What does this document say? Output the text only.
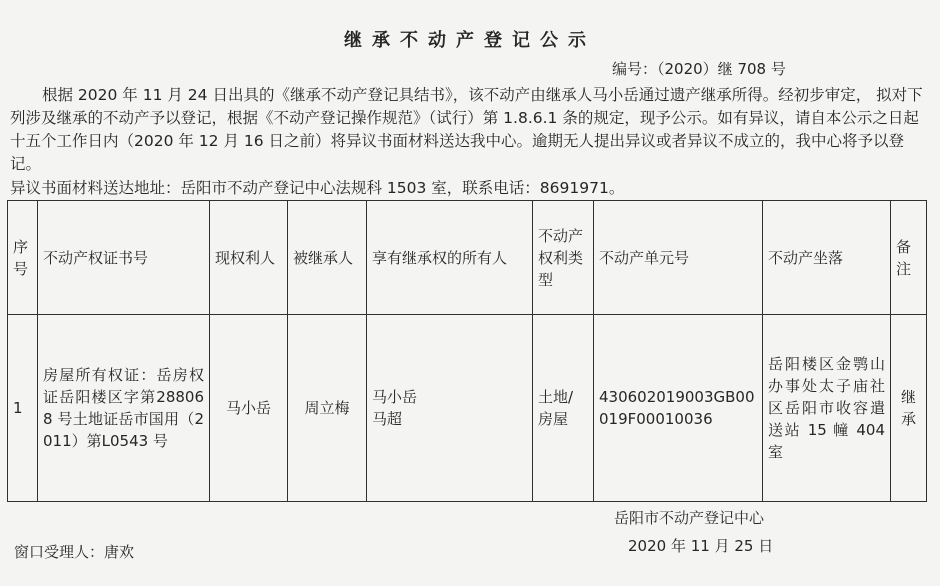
继承不动产登记公示
编号：（2020）继 708 号
根据 2020 年 11 月 24 日出具的《继承不动产登记具结书》，该不动产由继承人马小岳通过遗产继承所得。经初步审定， 拟对下列涉及继承的不动产予以登记，根据《不动产登记操作规范》（试行）第 1.8.6.1 条的规定，现予公示。如有异议，请自本公示之日起十五个工作日内（2020 年 12 月 16 日之前）将异议书面材料送达我中心。逾期无人提出异议或者异议不成立的，我中心将予以登记。
异议书面材料送达地址：岳阳市不动产登记中心法规科 1503 室，联系电话：8691971。
序号	不动产权证书号	现权利人	被继承人	享有继承权的所有人	不动产权利类型	不动产单元号	不动产坐落	备注
1	房屋所有权证：岳房权证岳阳楼区字第288068 号土地证岳市国用（2011）第L0543 号	马小岳	周立梅	马小岳
马超	土地/房屋	430602019003GB00019F00010036	岳阳楼区金鹗山办事处太子庙社区岳阳市收容遣送站 15 幢 404 室	继承
岳阳市不动产登记中心
2020 年 11 月 25 日
窗口受理人：唐欢
